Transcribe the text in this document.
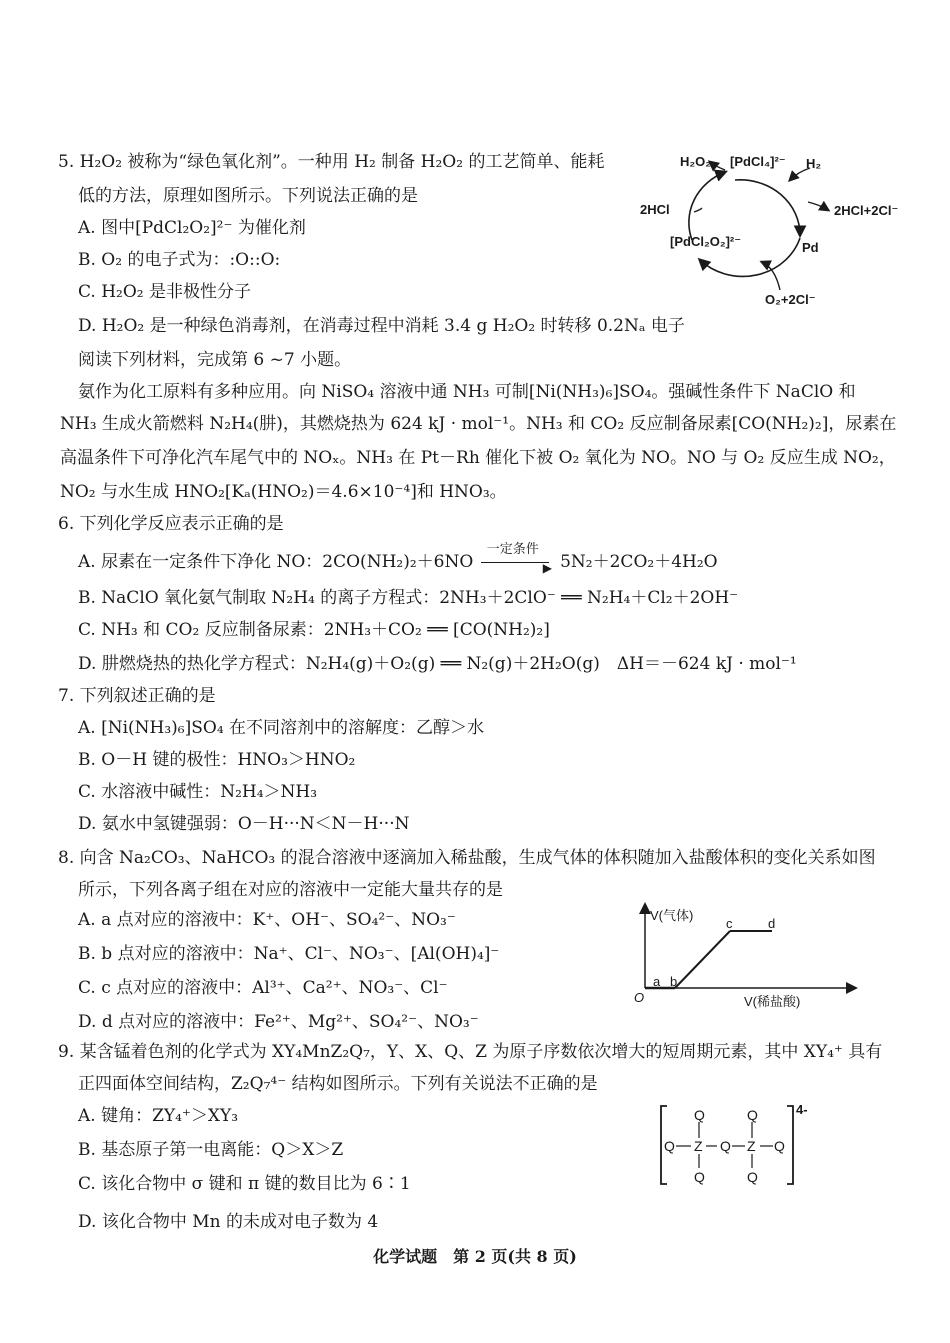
5. H₂O₂ 被称为“绿色氧化剂”。一种用 H₂ 制备 H₂O₂ 的工艺简单、能耗
低的方法，原理如图所示。下列说法正确的是
A. 图中[PdCl₂O₂]²⁻ 为催化剂
B. O₂ 的电子式为：:O::O:
C. H₂O₂ 是非极性分子
D. H₂O₂ 是一种绿色消毒剂，在消毒过程中消耗 3.4 g H₂O₂ 时转移 0.2Nₐ 电子
H₂O₂ [PdCl₄]²⁻ H₂
2HCl	2HCl+2Cl⁻
[PdCl₂O₂]²⁻	Pd
O₂+2Cl⁻
阅读下列材料，完成第 6 ~7 小题。
氨作为化工原料有多种应用。向 NiSO₄ 溶液中通 NH₃ 可制[Ni(NH₃)₆]SO₄。强碱性条件下 NaClO 和
NH₃ 生成火箭燃料 N₂H₄(肼)，其燃烧热为 624 kJ · mol⁻¹。NH₃ 和 CO₂ 反应制备尿素[CO(NH₂)₂]，尿素在
高温条件下可净化汽车尾气中的 NOₓ。NH₃ 在 Pt－Rh 催化下被 O₂ 氧化为 NO。NO 与 O₂ 反应生成 NO₂，
NO₂ 与水生成 HNO₂[Kₐ(HNO₂)＝4.6×10⁻⁴]和 HNO₃。
6. 下列化学反应表示正确的是
A. 尿素在一定条件下净化 NO：2CO(NH₂)₂＋6NO
一定条件
▶ 5N₂＋2CO₂＋4H₂O
B. NaClO 氧化氨气制取 N₂H₄ 的离子方程式：2NH₃＋2ClO⁻ ══ N₂H₄＋Cl₂＋2OH⁻
C. NH₃ 和 CO₂ 反应制备尿素：2NH₃＋CO₂ ══ [CO(NH₂)₂]
D. 肼燃烧热的热化学方程式：N₂H₄(g)＋O₂(g) ══ N₂(g)＋2H₂O(g)　ΔH＝－624 kJ · mol⁻¹
7. 下列叙述正确的是
A. [Ni(NH₃)₆]SO₄ 在不同溶剂中的溶解度：乙醇＞水
B. O－H 键的极性：HNO₃＞HNO₂
C. 水溶液中碱性：N₂H₄＞NH₃
D. 氨水中氢键强弱：O－H···N＜N－H···N
8. 向含 Na₂CO₃、NaHCO₃ 的混合溶液中逐滴加入稀盐酸，生成气体的体积随加入盐酸体积的变化关系如图
所示，下列各离子组在对应的溶液中一定能大量共存的是
A. a 点对应的溶液中：K⁺、OH⁻、SO₄²⁻、NO₃⁻
B. b 点对应的溶液中：Na⁺、Cl⁻、NO₃⁻、[Al(OH)₄]⁻
C. c 点对应的溶液中：Al³⁺、Ca²⁺、NO₃⁻、Cl⁻
D. d 点对应的溶液中：Fe²⁺、Mg²⁺、SO₄²⁻、NO₃⁻
V(气体)
V(稀盐酸)
O
a b
c	d
9. 某含锰着色剂的化学式为 XY₄MnZ₂Q₇，Y、X、Q、Z 为原子序数依次增大的短周期元素，其中 XY₄⁺ 具有
正四面体空间结构，Z₂Q₇⁴⁻ 结构如图所示。下列有关说法不正确的是
A. 键角：ZY₄⁺＞XY₃
B. 基态原子第一电离能：Q＞X＞Z
C. 该化合物中 σ 键和 π 键的数目比为 6∶1
D. 该化合物中 Mn 的未成对电子数为 4
Q	Q
Q Z Q Z Q
Q	Q
4-
化学试题　第 2 页(共 8 页)
